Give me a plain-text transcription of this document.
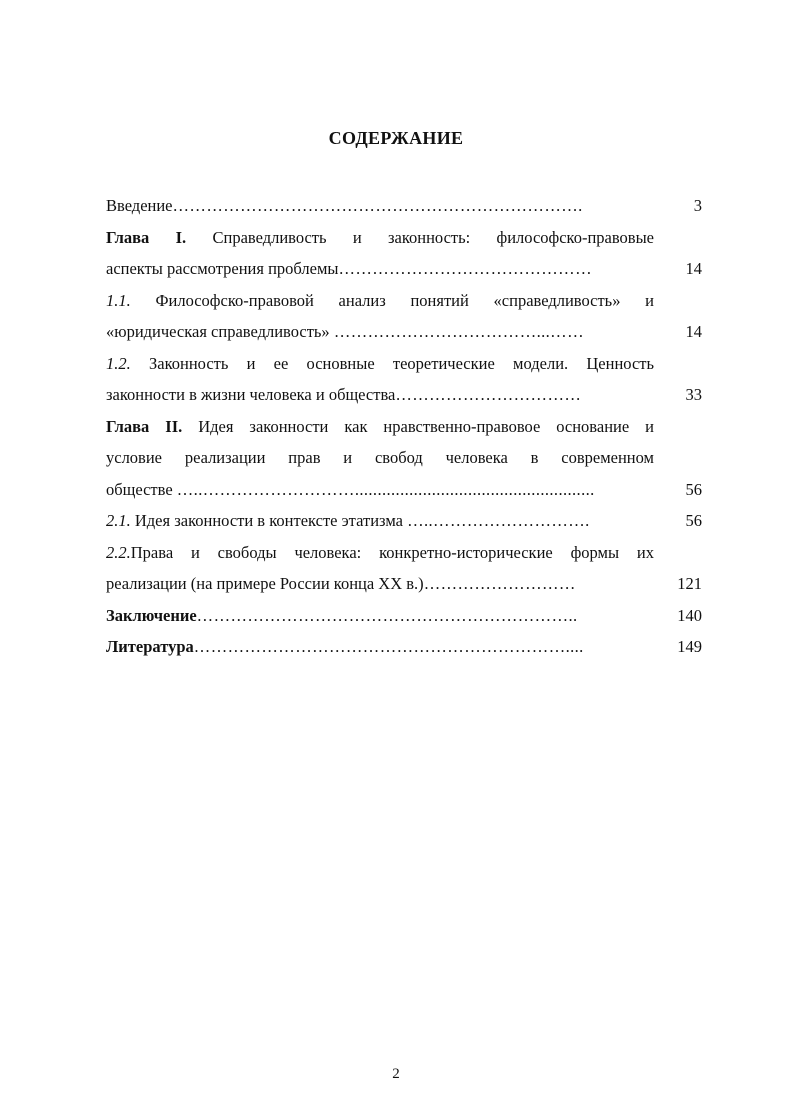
СОДЕРЖАНИЕ
Введение……………………………………………………………….	3
Глава I. Справедливость и законность: философско-правовые
аспекты рассмотрения проблемы………………………………………	14
1.1. Философско-правовой анализ понятий «справедливость» и
«юридическая справедливость» ………………………………...……	14
1.2. Законность и ее основные теоретические модели. Ценность
законности в жизни человека и общества……………………………	33
Глава II. Идея законности как нравственно-правовое основание и
условие реализации прав и свобод человека в современном
обществе …..……………………….....................................................	56
2.1. Идея законности в контексте этатизма …..……………………….	56
2.2.Права и свободы человека: конкретно-исторические формы их
реализации (на примере России конца XX в.)………………………	121
Заключение…………………………………………………………..	140
Литература…………………………………………………………....	149
2
